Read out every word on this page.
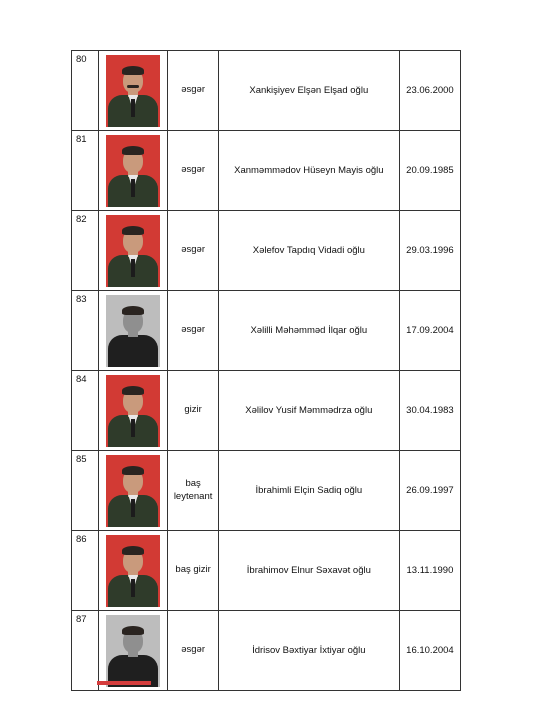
80		əsgər	Xankişiyev Elşən Elşad oğlu	23.06.2000
81		əsgər	Xanməmmədov Hüseyn Mayis oğlu	20.09.1985
82		əsgər	Xəlefov Tapdıq Vidadi oğlu	29.03.1996
83		əsgər	Xəlilli Məhəmməd İlqar oğlu	17.09.2004
84		gizir	Xəlilov Yusif Məmmədrza oğlu	30.04.1983
85		baş leytenant	İbrahimli Elçin Sadiq oğlu	26.09.1997
86		baş gizir	İbrahimov Elnur Səxavət oğlu	13.11.1990
87		əsgər	İdrisov Bəxtiyar İxtiyar oğlu	16.10.2004
